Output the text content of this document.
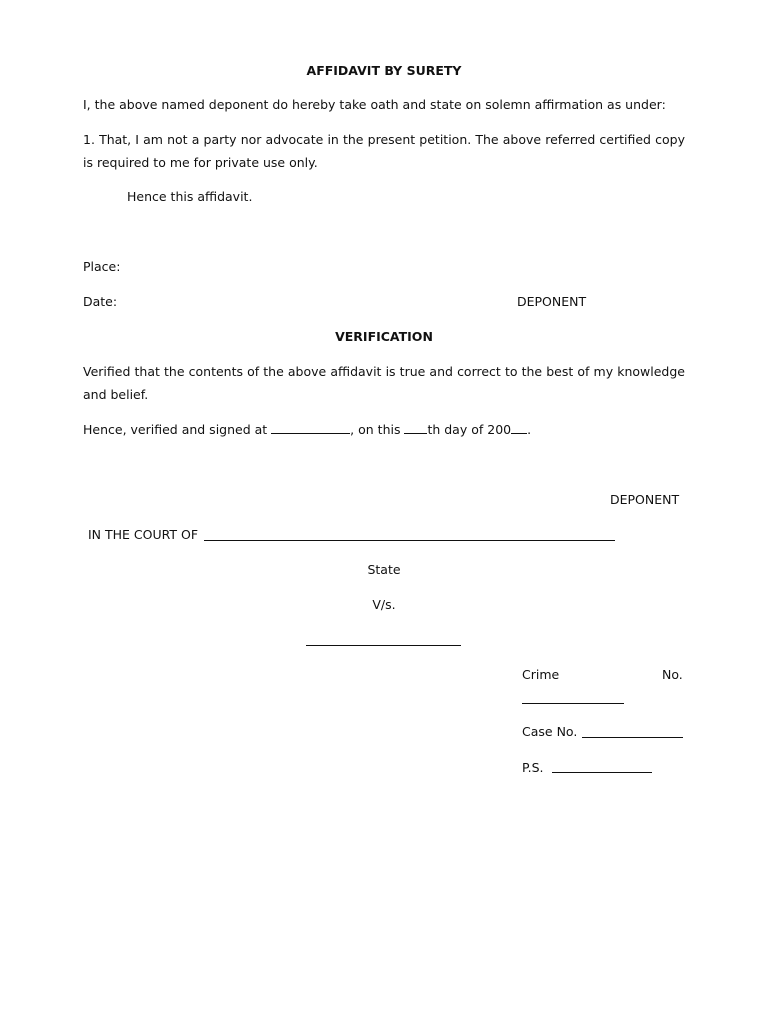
AFFIDAVIT BY SURETY
I, the above named deponent do hereby take oath and state on solemn affirmation as under:
1. That, I am not a party nor advocate in the present petition. The above referred certified copy is required to me for private use only.
Hence this affidavit.
Place:
Date:	DEPONENT
VERIFICATION
Verified that the contents of the above affidavit is true and correct to the best of my knowledge and belief.
Hence, verified and signed at	, on this th day of 200 .
DEPONENT
IN THE COURT OF
State
V/s.
Crime	No.
Case No.
P.S.
